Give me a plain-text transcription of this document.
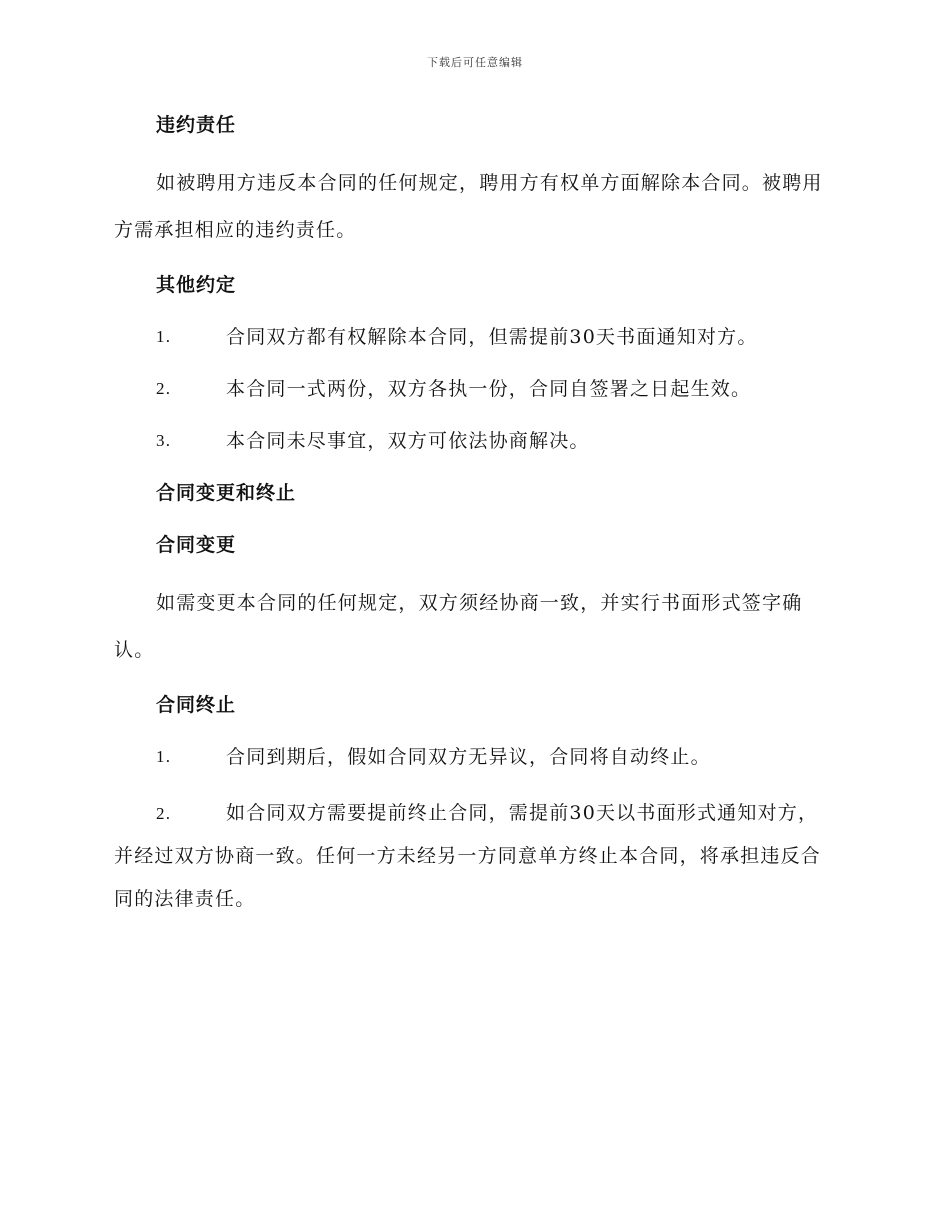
下载后可任意编辑
违约责任
如被聘用方违反本合同的任何规定，聘用方有权单方面解除本合同。被聘用方需承担相应的违约责任。
其他约定
1.	合同双方都有权解除本合同，但需提前30天书面通知对方。
2.	本合同一式两份，双方各执一份，合同自签署之日起生效。
3.	本合同未尽事宜，双方可依法协商解决。
合同变更和终止
合同变更
如需变更本合同的任何规定，双方须经协商一致，并实行书面形式签字确认。
合同终止
1.	合同到期后，假如合同双方无异议，合同将自动终止。
2.	如合同双方需要提前终止合同，需提前30天以书面形式通知对方，并经过双方协商一致。任何一方未经另一方同意单方终止本合同，将承担违反合同的法律责任。
